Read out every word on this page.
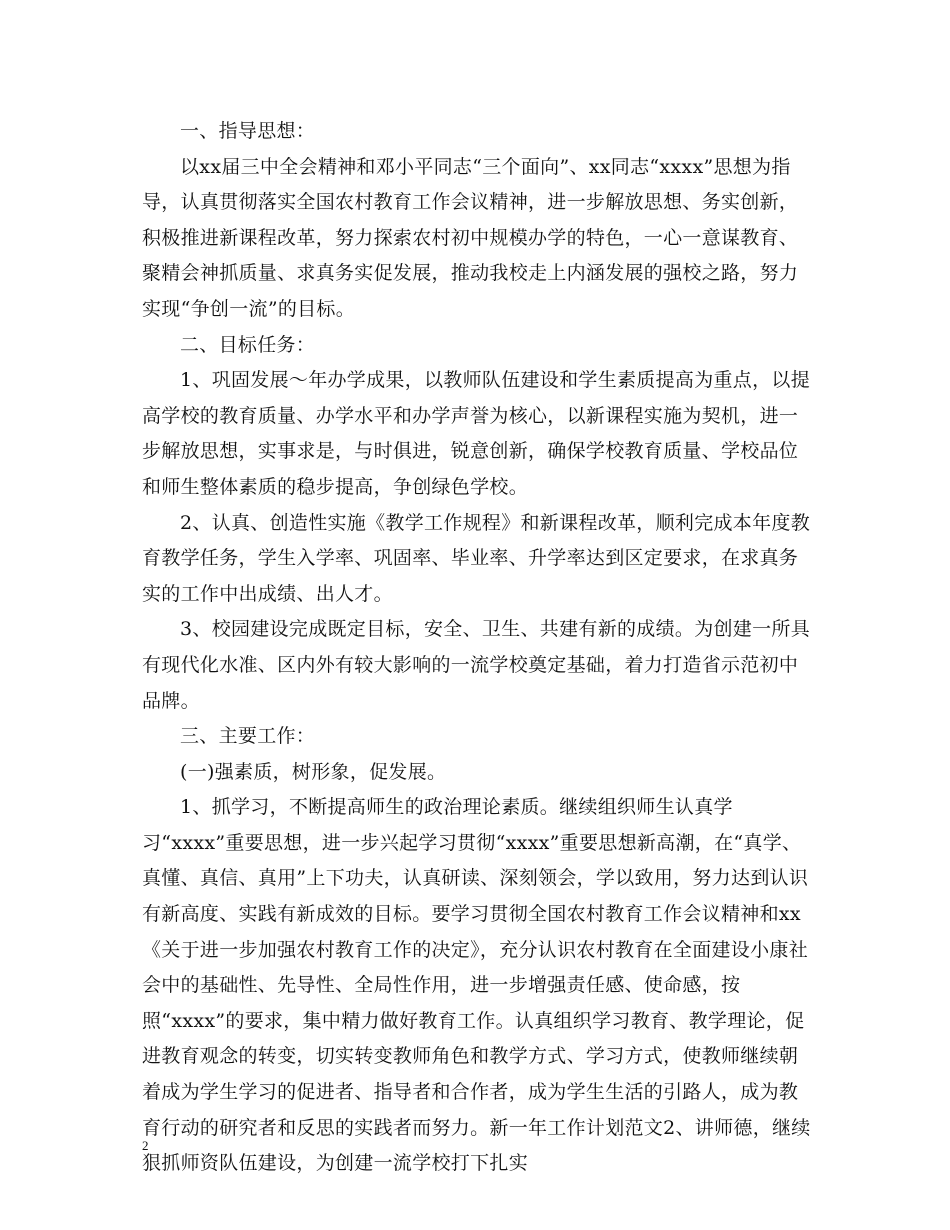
一、指导思想：

以xx届三中全会精神和邓小平同志“三个面向”、xx同志“xxxx”思想为指导，认真贯彻落实全国农村教育工作会议精神，进一步解放思想、务实创新，积极推进新课程改革，努力探索农村初中规模办学的特色，一心一意谋教育、聚精会神抓质量、求真务实促发展，推动我校走上内涵发展的强校之路，努力实现“争创一流”的目标。

二、目标任务：

1、巩固发展～年办学成果，以教师队伍建设和学生素质提高为重点，以提高学校的教育质量、办学水平和办学声誉为核心，以新课程实施为契机，进一步解放思想，实事求是，与时俱进，锐意创新，确保学校教育质量、学校品位和师生整体素质的稳步提高，争创绿色学校。

2、认真、创造性实施《教学工作规程》和新课程改革，顺利完成本年度教育教学任务，学生入学率、巩固率、毕业率、升学率达到区定要求，在求真务实的工作中出成绩、出人才。

3、校园建设完成既定目标，安全、卫生、共建有新的成绩。为创建一所具有现代化水准、区内外有较大影响的一流学校奠定基础，着力打造省示范初中品牌。

三、主要工作：

(一)强素质，树形象，促发展。

1、抓学习，不断提高师生的政治理论素质。继续组织师生认真学习“xxxx”重要思想，进一步兴起学习贯彻“xxxx”重要思想新高潮，在“真学、真懂、真信、真用”上下功夫，认真研读、深刻领会，学以致用，努力达到认识有新高度、实践有新成效的目标。要学习贯彻全国农村教育工作会议精神和xx《关于进一步加强农村教育工作的决定》，充分认识农村教育在全面建设小康社会中的基础性、先导性、全局性作用，进一步增强责任感、使命感，按照“xxxx”的要求，集中精力做好教育工作。认真组织学习教育、教学理论，促进教育观念的转变，切实转变教师角色和教学方式、学习方式，使教师继续朝着成为学生学习的促进者、指导者和合作者，成为学生生活的引路人，成为教育行动的研究者和反思的实践者而努力。新一年工作计划范文2、讲师德，继续狠抓师资队伍建设，为创建一流学校打下扎实

2
